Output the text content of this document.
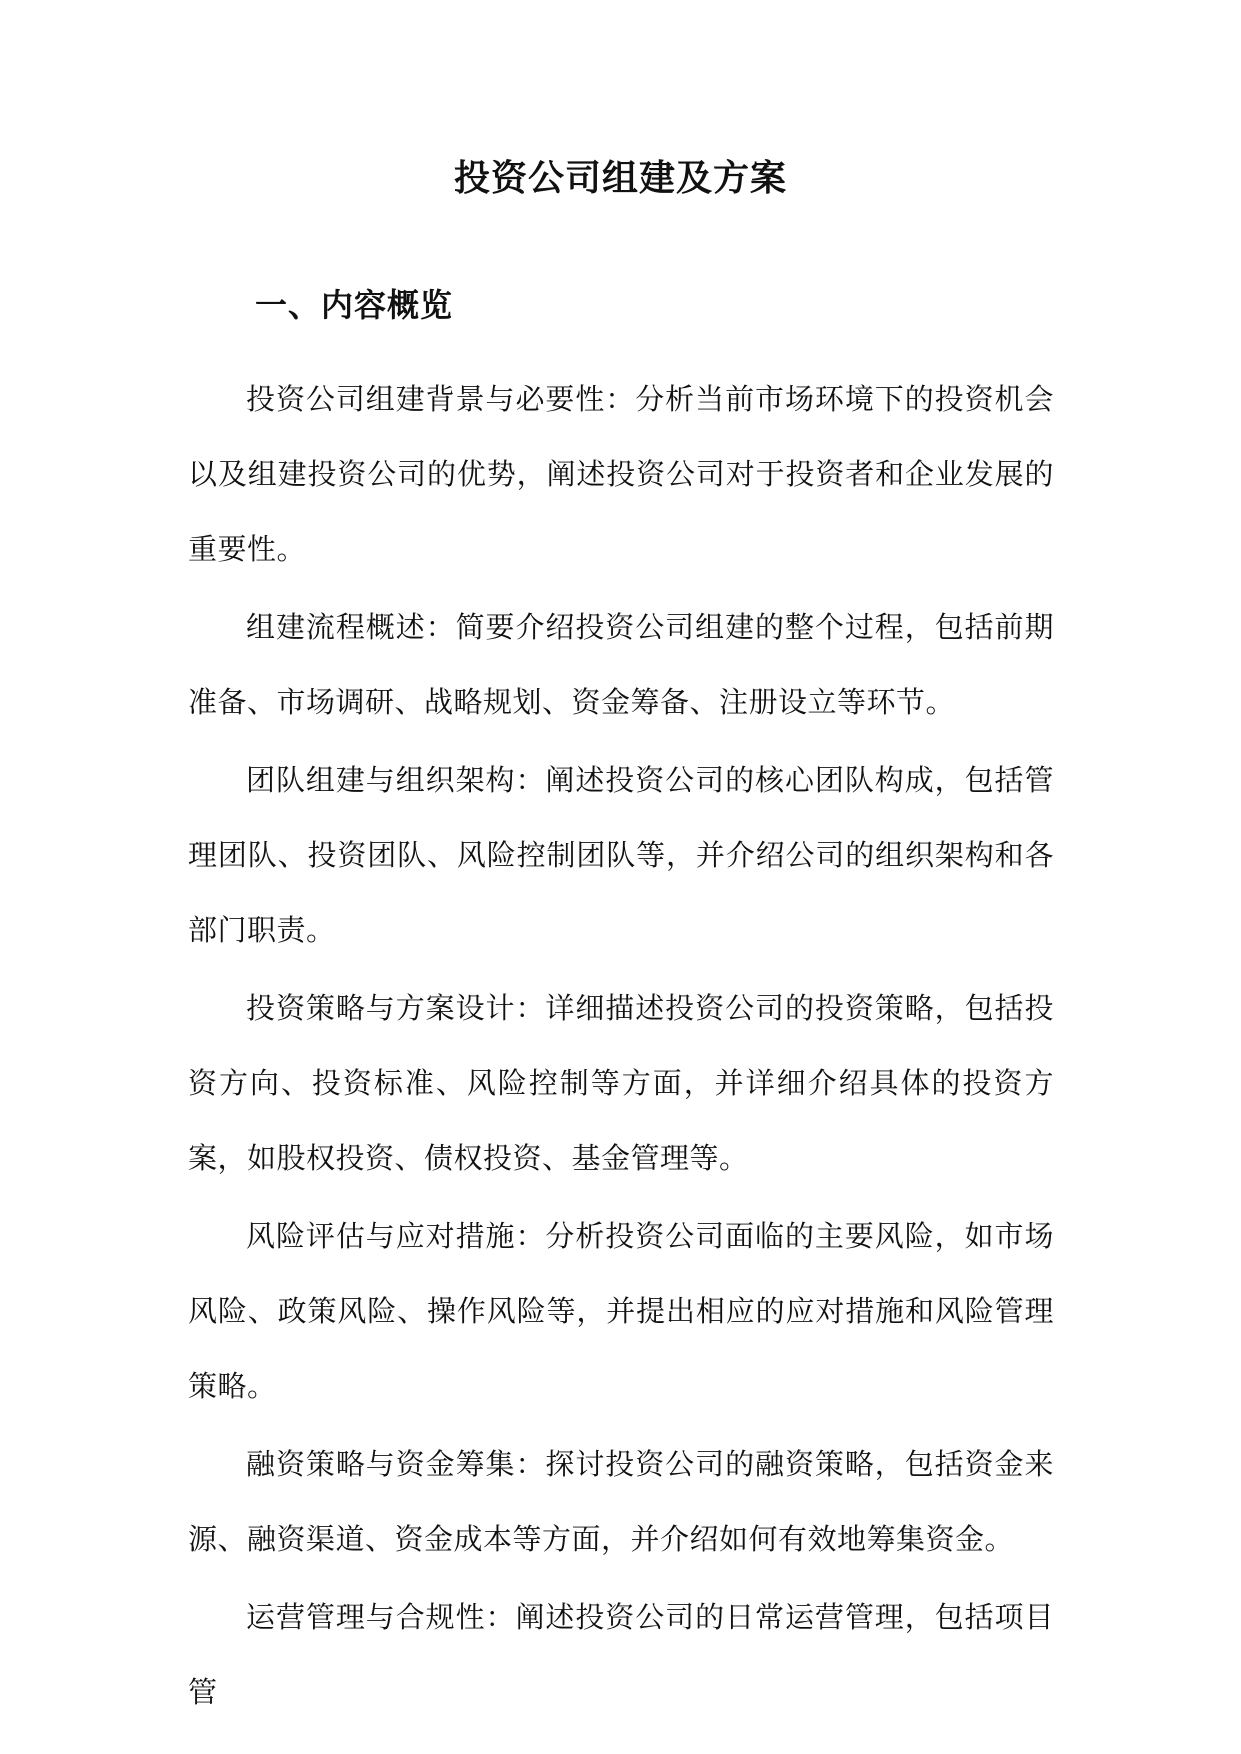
投资公司组建及方案
一、内容概览

投资公司组建背景与必要性：分析当前市场环境下的投资机会以及组建投资公司的优势，阐述投资公司对于投资者和企业发展的重要性。

组建流程概述：简要介绍投资公司组建的整个过程，包括前期准备、市场调研、战略规划、资金筹备、注册设立等环节。

团队组建与组织架构：阐述投资公司的核心团队构成，包括管理团队、投资团队、风险控制团队等，并介绍公司的组织架构和各部门职责。

投资策略与方案设计：详细描述投资公司的投资策略，包括投资方向、投资标准、风险控制等方面，并详细介绍具体的投资方案，如股权投资、债权投资、基金管理等。

风险评估与应对措施：分析投资公司面临的主要风险，如市场风险、政策风险、操作风险等，并提出相应的应对措施和风险管理策略。

融资策略与资金筹集：探讨投资公司的融资策略，包括资金来源、融资渠道、资金成本等方面，并介绍如何有效地筹集资金。

运营管理与合规性：阐述投资公司的日常运营管理，包括项目管
